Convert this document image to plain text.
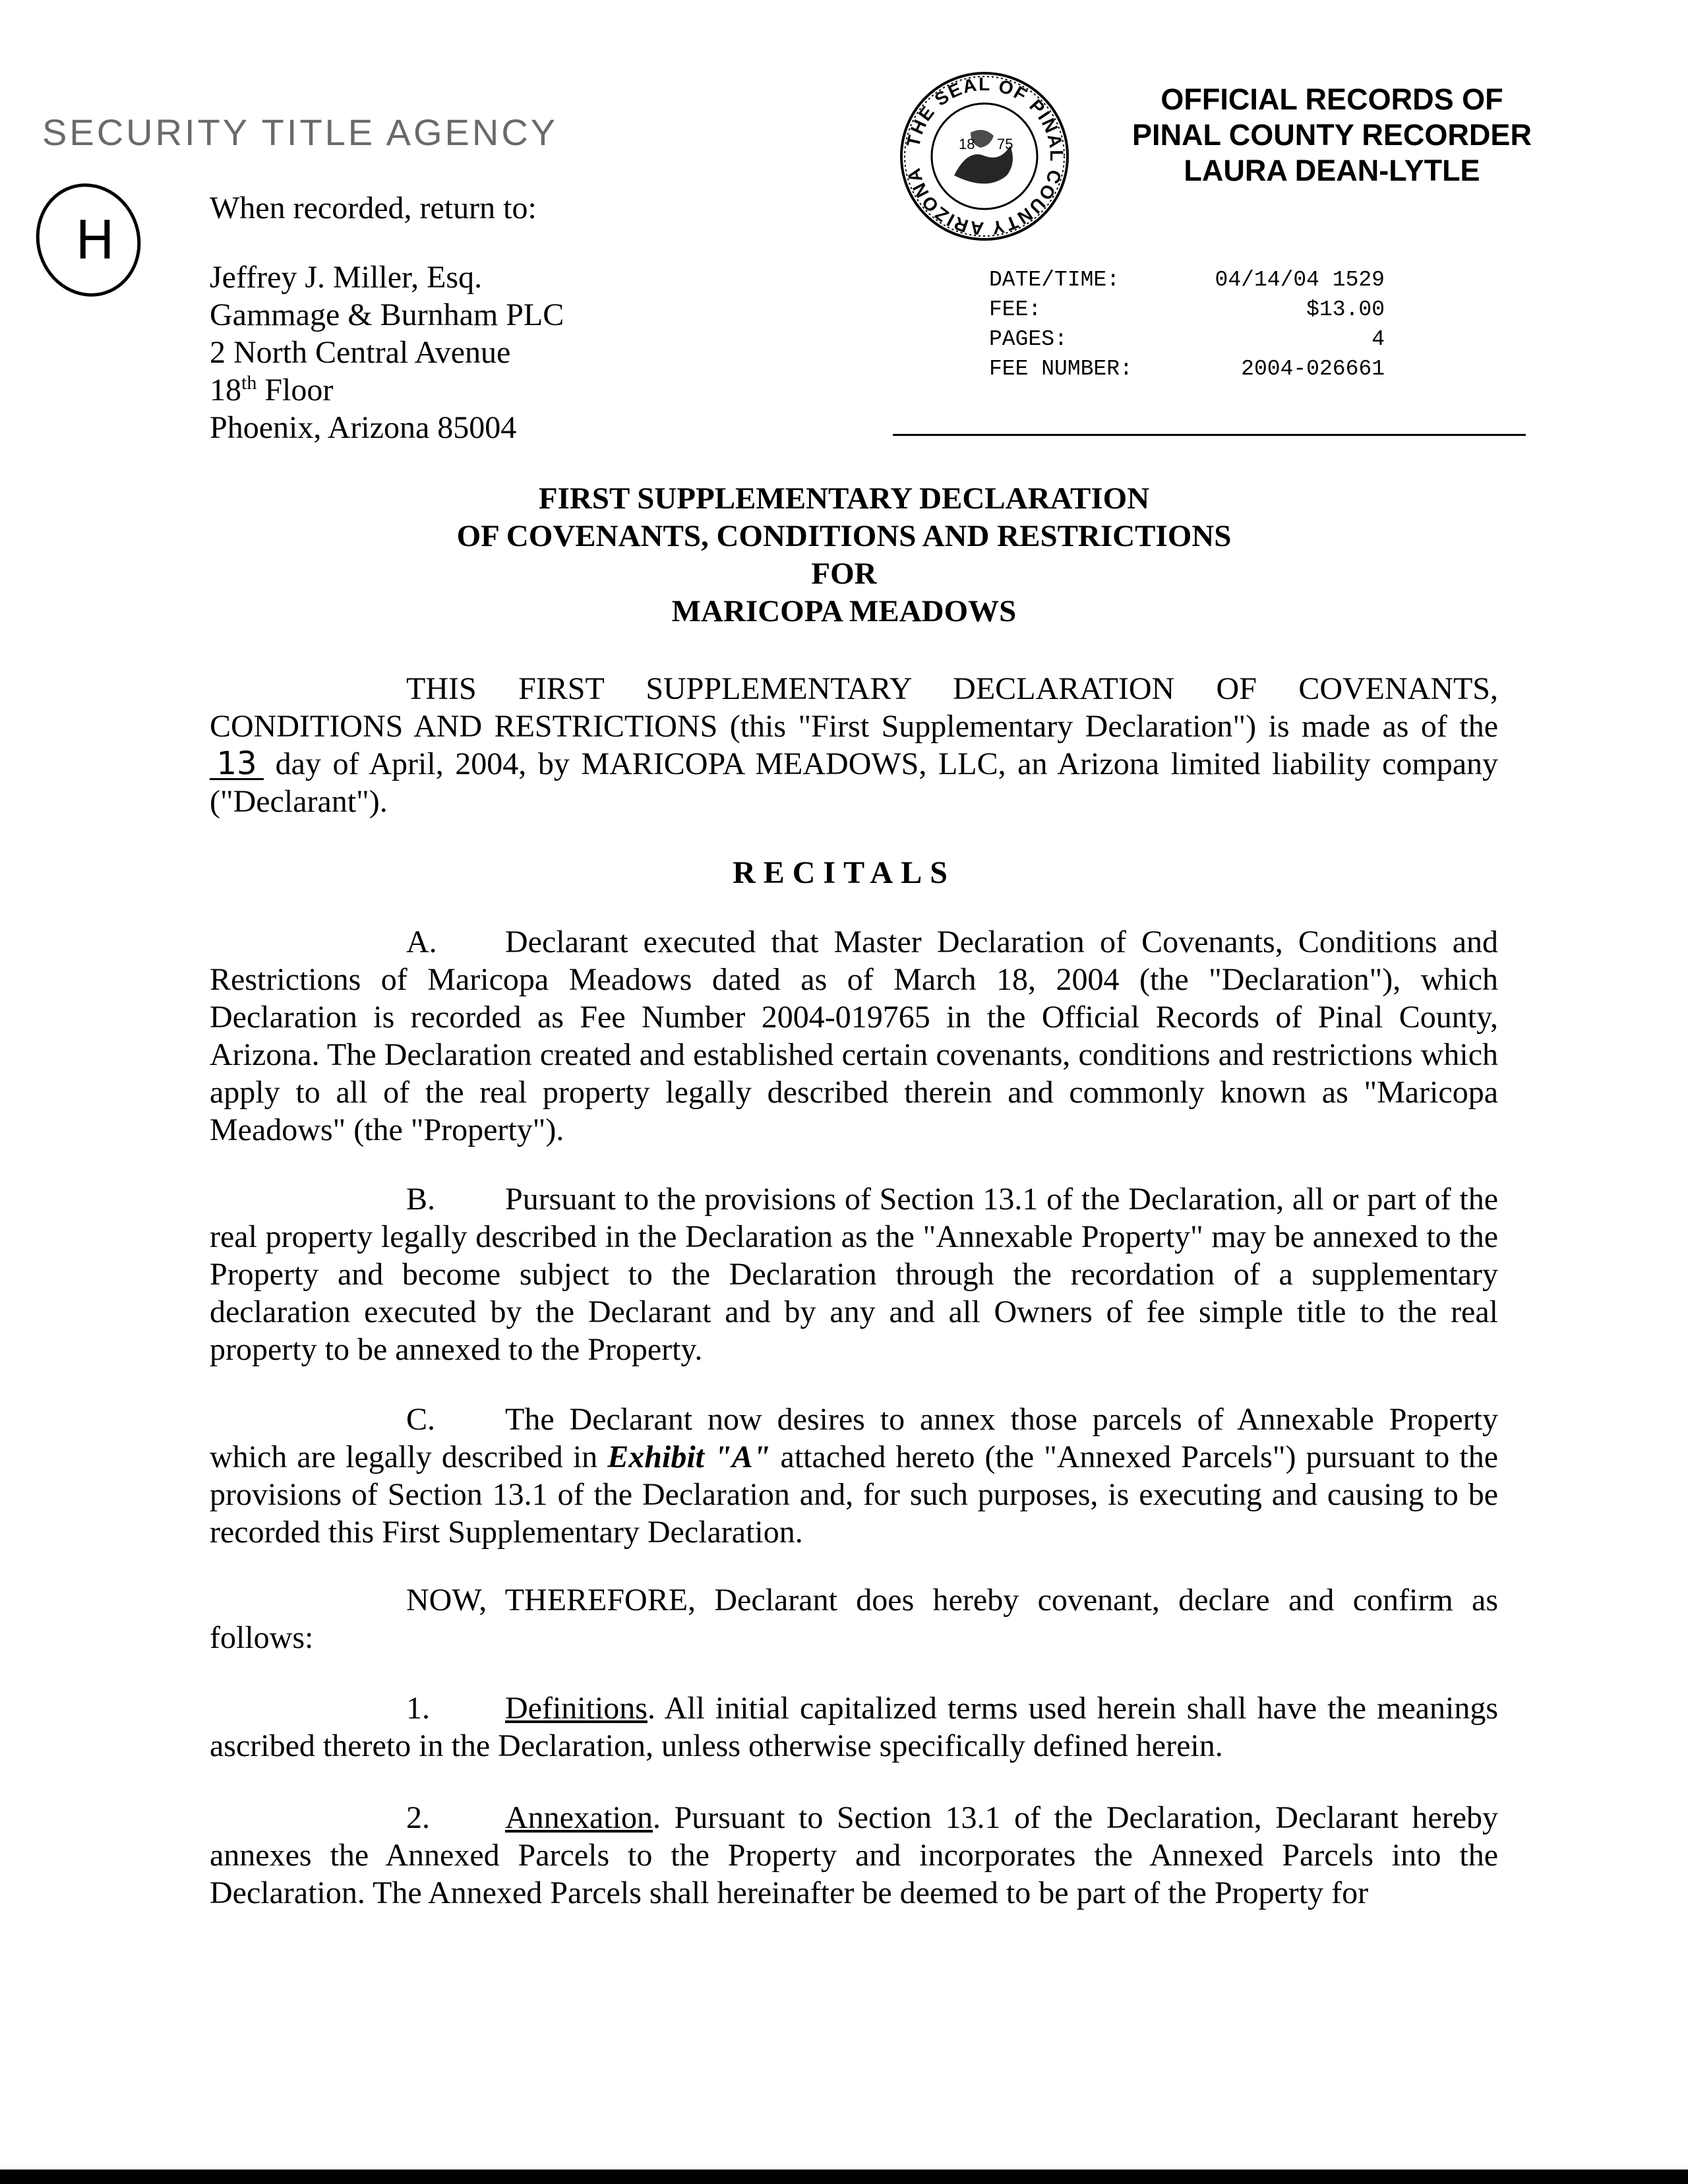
SECURITY TITLE AGENCY
H
When recorded, return to:
Jeffrey J. Miller, Esq.
Gammage & Burnham PLC
2 North Central Avenue
18th Floor
Phoenix, Arizona 85004
THE SEAL OF PINAL COUNTY ARIZONA
18 75
OFFICIAL RECORDS OF
PINAL COUNTY RECORDER
LAURA DEAN-LYTLE
DATE/TIME:	04/14/04 1529
FEE:	$13.00
PAGES:	4
FEE NUMBER:	2004-026661
FIRST SUPPLEMENTARY DECLARATION
OF COVENANTS, CONDITIONS AND RESTRICTIONS
FOR
MARICOPA MEADOWS
THIS FIRST SUPPLEMENTARY DECLARATION OF COVENANTS, CONDITIONS AND RESTRICTIONS (this "First Supplementary Declaration") is made as of the 13 day of April, 2004, by MARICOPA MEADOWS, LLC, an Arizona limited liability company ("Declarant").
RECITALS
A. Declarant executed that Master Declaration of Covenants, Conditions and Restrictions of Maricopa Meadows dated as of March 18, 2004 (the "Declaration"), which Declaration is recorded as Fee Number 2004-019765 in the Official Records of Pinal County, Arizona. The Declaration created and established certain covenants, conditions and restrictions which apply to all of the real property legally described therein and commonly known as "Maricopa Meadows" (the "Property").
B. Pursuant to the provisions of Section 13.1 of the Declaration, all or part of the real property legally described in the Declaration as the "Annexable Property" may be annexed to the Property and become subject to the Declaration through the recordation of a supplementary declaration executed by the Declarant and by any and all Owners of fee simple title to the real property to be annexed to the Property.
C. The Declarant now desires to annex those parcels of Annexable Property which are legally described in Exhibit "A" attached hereto (the "Annexed Parcels") pursuant to the provisions of Section 13.1 of the Declaration and, for such purposes, is executing and causing to be recorded this First Supplementary Declaration.
NOW, THEREFORE, Declarant does hereby covenant, declare and confirm as follows:
1. Definitions. All initial capitalized terms used herein shall have the meanings ascribed thereto in the Declaration, unless otherwise specifically defined herein.
2. Annexation. Pursuant to Section 13.1 of the Declaration, Declarant hereby annexes the Annexed Parcels to the Property and incorporates the Annexed Parcels into the Declaration. The Annexed Parcels shall hereinafter be deemed to be part of the Property for
